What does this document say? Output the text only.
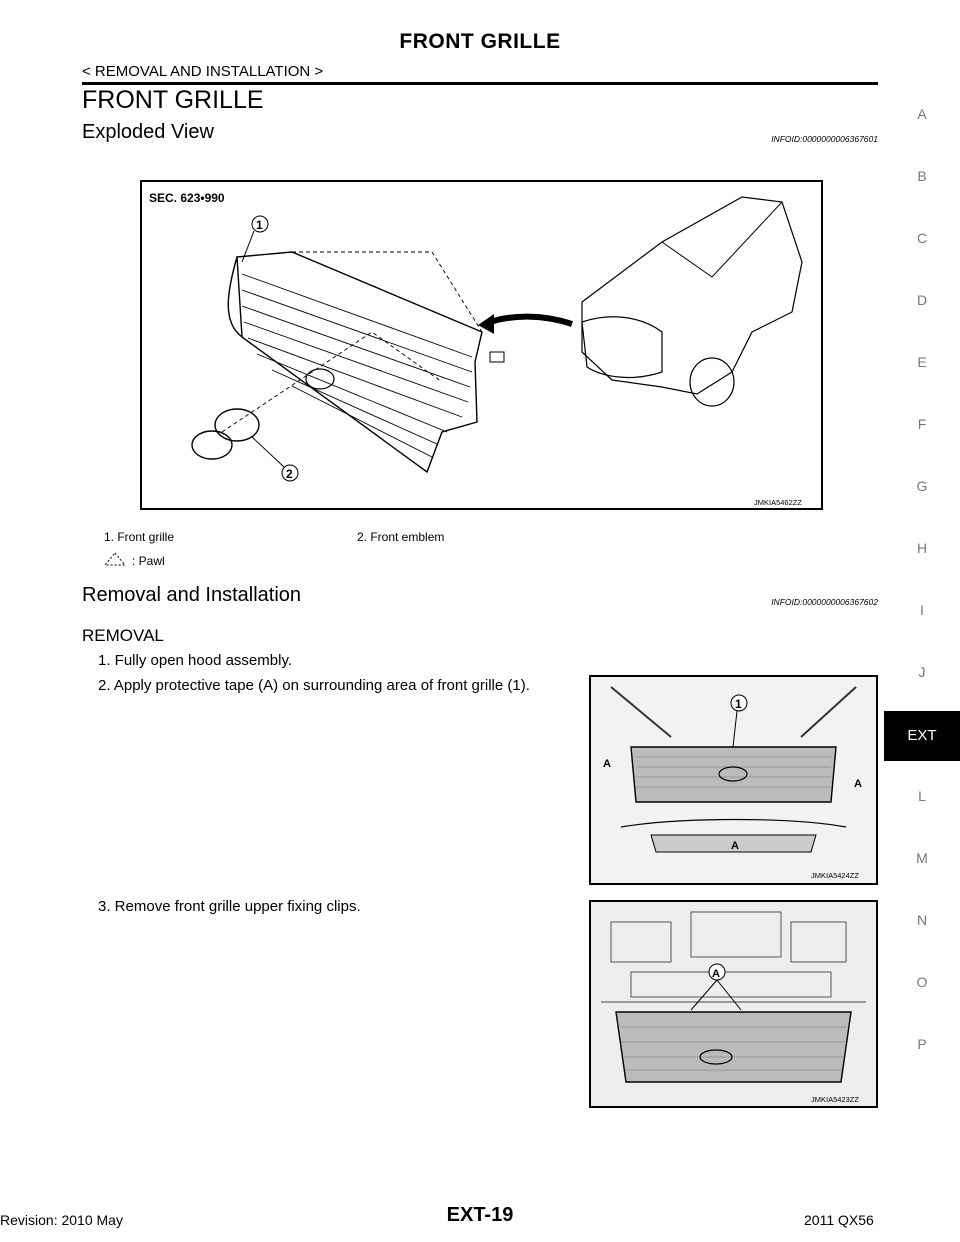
FRONT GRILLE
< REMOVAL AND INSTALLATION >
FRONT GRILLE
Exploded View	INFOID:0000000006367601
SEC. 623•990
1
2
JMKIA5462ZZ
1. Front grille	2. Front emblem
: Pawl
Removal and Installation	INFOID:0000000006367602
REMOVAL
1. Fully open hood assembly.
2. Apply protective tape (A) on surrounding area of front grille (1).
3. Remove front grille upper fixing clips.
1
A
A
A
JMKIA5424ZZ
A
JMKIA5423ZZ
A
B
C
D
E
F
G
H
I
J
EXT
L
M
N
O
P
EXT-19
Revision: 2010 May	2011 QX56
